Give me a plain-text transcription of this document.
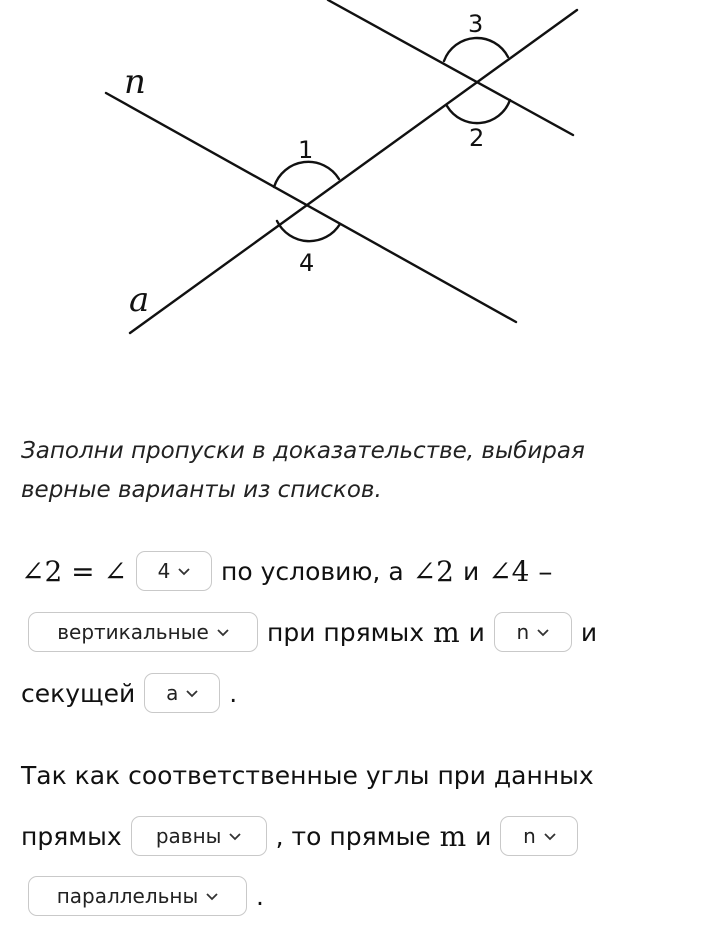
n
a
1
4
3
2
Заполни пропуски в доказательстве, выбирая верные варианты из списков.
∠2 = ∠ 4 по условию, а ∠2 и ∠4 –
вертикальные при прямых m и n и
секущей a .
Так как соответственные углы при данных
прямых равны , то прямые m и n
параллельны .
